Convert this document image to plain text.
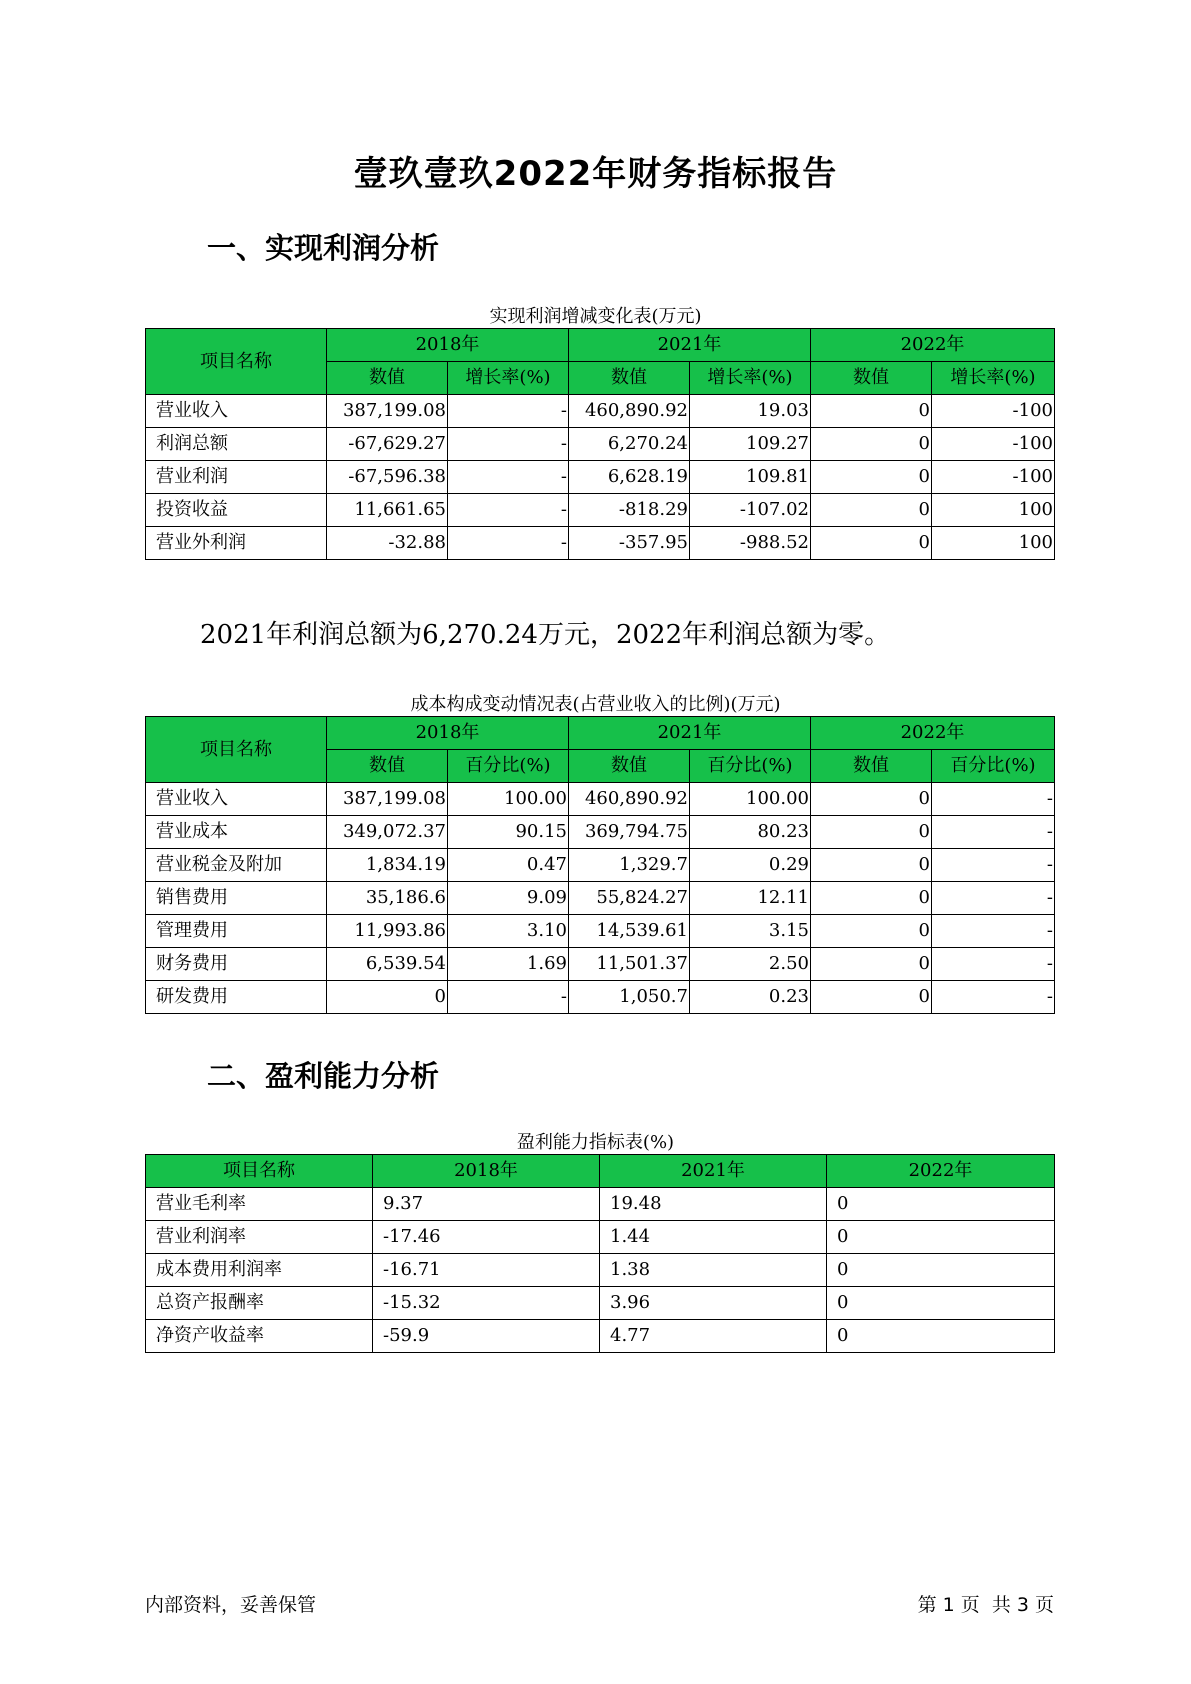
壹玖壹玖2022年财务指标报告
一、实现利润分析
实现利润增减变化表(万元)
项目名称	2018年		2021年		2022年	
	数值	增长率(%)	数值	增长率(%)	数值	增长率(%)
营业收入	387,199.08	-	460,890.92	19.03	0	-100
利润总额	-67,629.27	-	6,270.24	109.27	0	-100
营业利润	-67,596.38	-	6,628.19	109.81	0	-100
投资收益	11,661.65	-	-818.29	-107.02	0	100
营业外利润	-32.88	-	-357.95	-988.52	0	100
2021年利润总额为6,270.24万元，2022年利润总额为零。
成本构成变动情况表(占营业收入的比例)(万元)
项目名称	2018年		2021年		2022年	
	数值	百分比(%)	数值	百分比(%)	数值	百分比(%)
营业收入	387,199.08	100.00	460,890.92	100.00	0	-
营业成本	349,072.37	90.15	369,794.75	80.23	0	-
营业税金及附加	1,834.19	0.47	1,329.7	0.29	0	-
销售费用	35,186.6	9.09	55,824.27	12.11	0	-
管理费用	11,993.86	3.10	14,539.61	3.15	0	-
财务费用	6,539.54	1.69	11,501.37	2.50	0	-
研发费用	0	-	1,050.7	0.23	0	-
二、盈利能力分析
盈利能力指标表(%)
项目名称	2018年	2021年	2022年
营业毛利率	9.37	19.48	0
营业利润率	-17.46	1.44	0
成本费用利润率	-16.71	1.38	0
总资产报酬率	-15.32	3.96	0
净资产收益率	-59.9	4.77	0
内部资料，妥善保管	第 1 页  共 3 页
